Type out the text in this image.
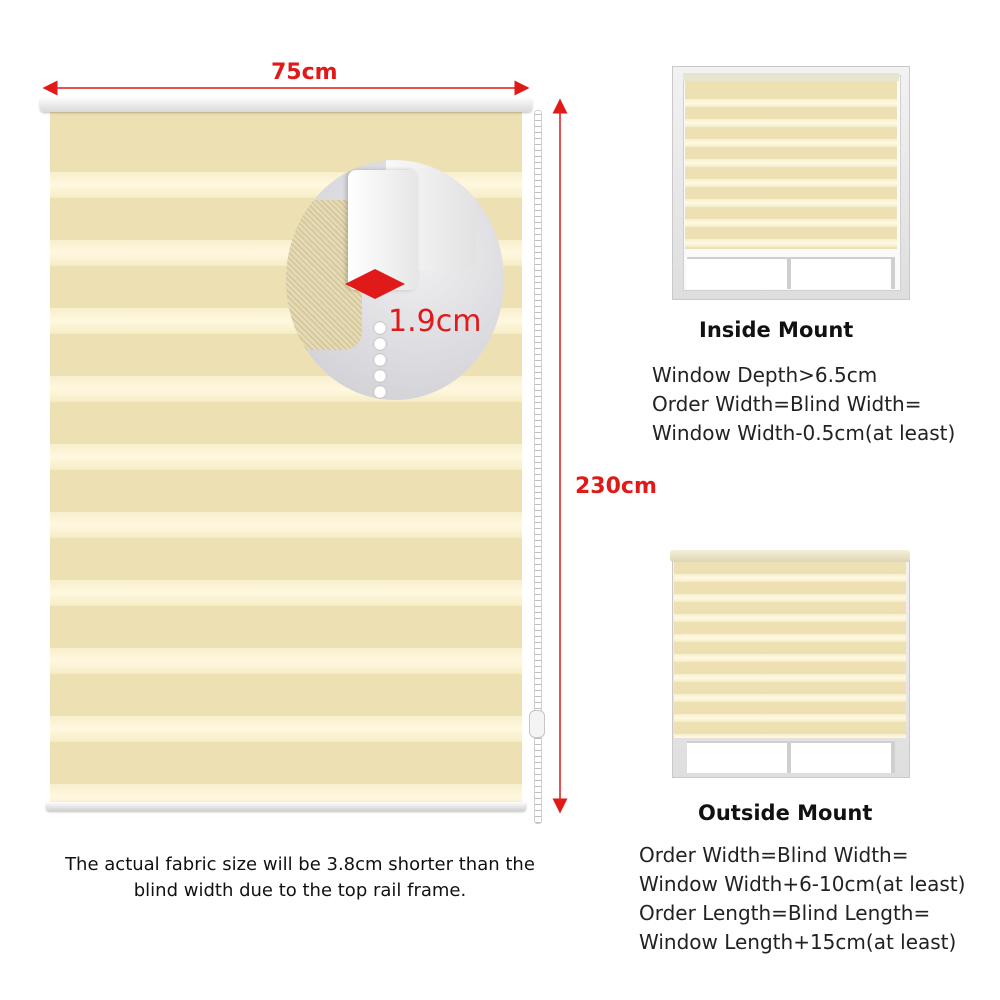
75cm
230cm
1.9cm
The actual fabric size will be 3.8cm shorter than the
blind width due to the top rail frame.
Inside Mount
Window Depth>6.5cm
Order Width=Blind Width=
Window Width-0.5cm(at least)
Outside Mount
Order Width=Blind Width=
Window Width+6-10cm(at least)
Order Length=Blind Length=
Window Length+15cm(at least)
